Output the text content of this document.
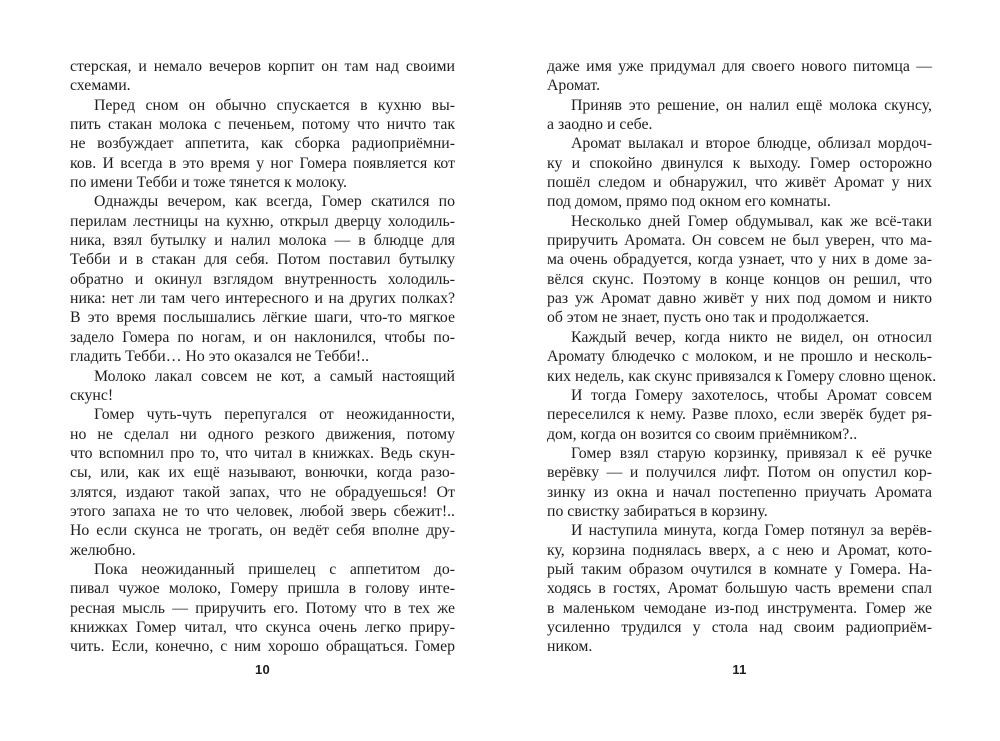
стерская, и немало вечеров корпит он там над своими
схемами.
Перед сном он обычно спускается в кухню вы-
пить стакан молока с печеньем, потому что ничто так
не возбуждает аппетита, как сборка радиоприёмни-
ков. И всегда в это время у ног Гомера появляется кот
по имени Тебби и тоже тянется к молоку.
Однажды вечером, как всегда, Гомер скатился по
перилам лестницы на кухню, открыл дверцу холодиль-
ника, взял бутылку и налил молока — в блюдце для
Тебби и в стакан для себя. Потом поставил бутылку
обратно и окинул взглядом внутренность холодиль-
ника: нет ли там чего интересного и на других полках?
В это время послышались лёгкие шаги, что-то мягкое
задело Гомера по ногам, и он наклонился, чтобы по-
гладить Тебби… Но это оказался не Тебби!..
Молоко лакал совсем не кот, а самый настоящий
скунс!
Гомер чуть-чуть перепугался от неожиданности,
но не сделал ни одного резкого движения, потому
что вспомнил про то, что читал в книжках. Ведь скун-
сы, или, как их ещё называют, вонючки, когда разо-
злятся, издают такой запах, что не обрадуешься! От
этого запаха не то что человек, любой зверь сбежит!..
Но если скунса не трогать, он ведёт себя вполне дру-
желюбно.
Пока неожиданный пришелец с аппетитом до-
пивал чужое молоко, Гомеру пришла в голову инте-
ресная мысль — приручить его. Потому что в тех же
книжках Гомер читал, что скунса очень легко приру-
чить. Если, конечно, с ним хорошо обращаться. Гомер
10
даже имя уже придумал для своего нового питомца —
Аромат.
Приняв это решение, он налил ещё молока скунсу,
а заодно и себе.
Аромат вылакал и второе блюдце, облизал мордоч-
ку и спокойно двинулся к выходу. Гомер осторожно
пошёл следом и обнаружил, что живёт Аромат у них
под домом, прямо под окном его комнаты.
Несколько дней Гомер обдумывал, как же всё-таки
приручить Аромата. Он совсем не был уверен, что ма-
ма очень обрадуется, когда узнает, что у них в доме за-
вёлся скунс. Поэтому в конце концов он решил, что
раз уж Аромат давно живёт у них под домом и никто
об этом не знает, пусть оно так и продолжается.
Каждый вечер, когда никто не видел, он относил
Аромату блюдечко с молоком, и не прошло и несколь-
ких недель, как скунс привязался к Гомеру словно щенок.
И тогда Гомеру захотелось, чтобы Аромат совсем
переселился к нему. Разве плохо, если зверёк будет ря-
дом, когда он возится со своим приёмником?..
Гомер взял старую корзинку, привязал к её ручке
верёвку — и получился лифт. Потом он опустил кор-
зинку из окна и начал постепенно приучать Аромата
по свистку забираться в корзину.
И наступила минута, когда Гомер потянул за верёв-
ку, корзина поднялась вверх, а с нею и Аромат, кото-
рый таким образом очутился в комнате у Гомера. На-
ходясь в гостях, Аромат большую часть времени спал
в маленьком чемодане из-под инструмента. Гомер же
усиленно трудился у стола над своим радиоприём-
ником.
11
